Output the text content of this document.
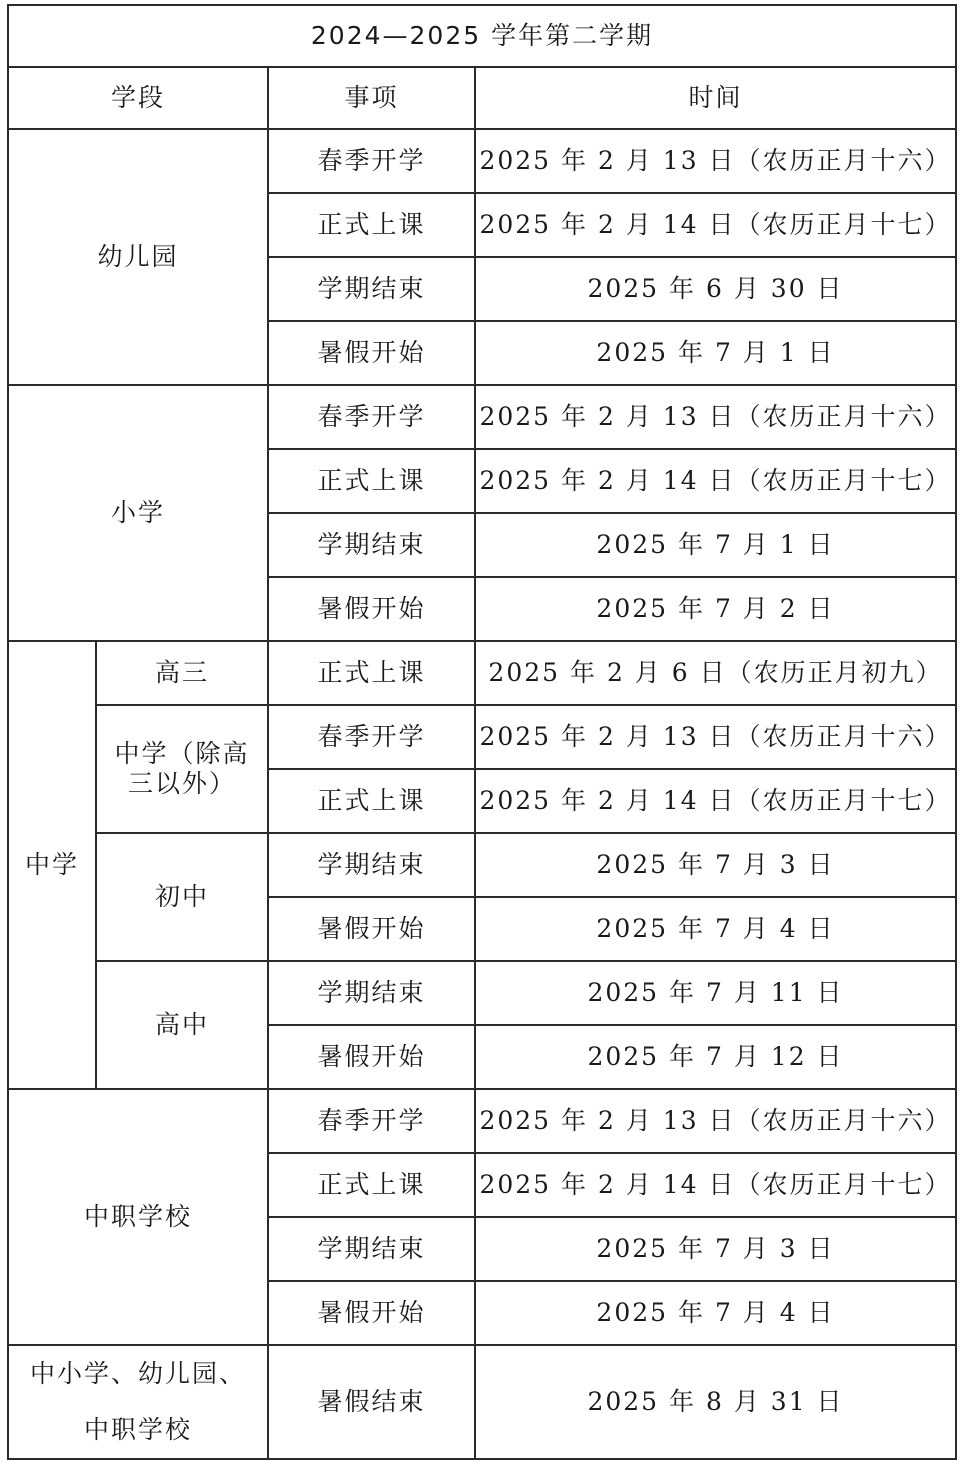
2024—2025 学年第二学期			
学段		事项	时间
幼儿园		春季开学	2025 年 2 月 13 日（农历正月十六）
		正式上课	2025 年 2 月 14 日（农历正月十七）
		学期结束	2025 年 6 月 30 日
		暑假开始	2025 年 7 月 1 日
小学		春季开学	2025 年 2 月 13 日（农历正月十六）
		正式上课	2025 年 2 月 14 日（农历正月十七）
		学期结束	2025 年 7 月 1 日
		暑假开始	2025 年 7 月 2 日
中学	高三	正式上课	2025 年 2 月 6 日（农历正月初九）
	中学（除高三以外）	春季开学	2025 年 2 月 13 日（农历正月十六）
		正式上课	2025 年 2 月 14 日（农历正月十七）
	初中	学期结束	2025 年 7 月 3 日
		暑假开始	2025 年 7 月 4 日
	高中	学期结束	2025 年 7 月 11 日
		暑假开始	2025 年 7 月 12 日
中职学校		春季开学	2025 年 2 月 13 日（农历正月十六）
		正式上课	2025 年 2 月 14 日（农历正月十七）
		学期结束	2025 年 7 月 3 日
		暑假开始	2025 年 7 月 4 日
中小学、幼儿园、中职学校		暑假结束	2025 年 8 月 31 日
